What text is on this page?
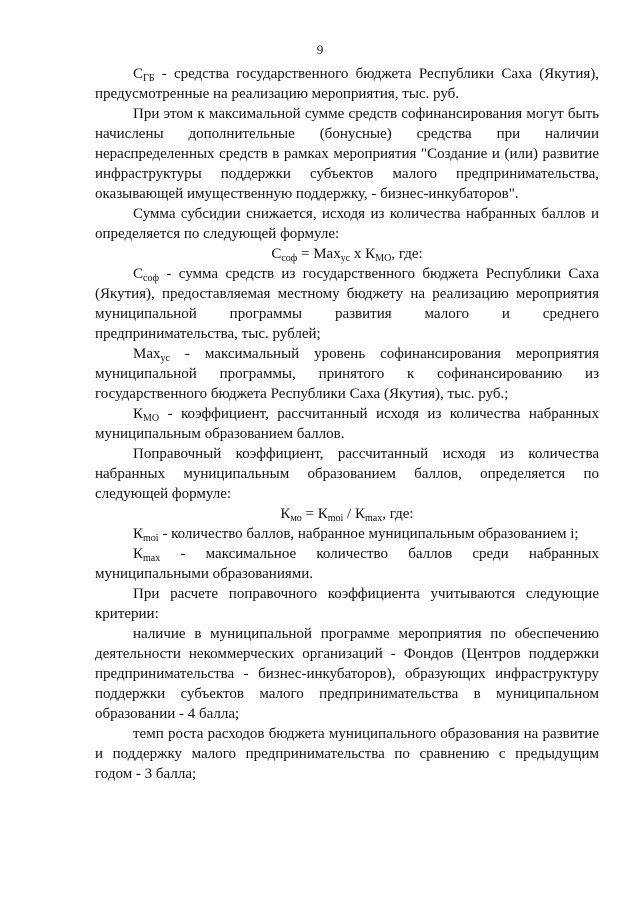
9

$С_{ГБ}$ - средства государственного бюджета Республики Саха (Якутия), предусмотренные на реализацию мероприятия, тыс. руб.

При этом к максимальной сумме средств софинансирования могут быть начислены дополнительные (бонусные) средства при наличии нераспределенных средств в рамках мероприятия "Создание и (или) развитие инфраструктуры поддержки субъектов малого предпринимательства, оказывающей имущественную поддержку, - бизнес-инкубаторов".

Сумма субсидии снижается, исходя из количества набранных баллов и определяется по следующей формуле:

$С_{соф} = Мах_{ус}$ х $К_{МО}$, где:

$С_{соф}$ - сумма средств из государственного бюджета Республики Саха (Якутия), предоставляемая местному бюджету на реализацию мероприятия муниципальной программы развития малого и среднего предпринимательства, тыс. рублей;

Мах$_{ус}$ - максимальный уровень софинансирования мероприятия муниципальной программы, принятого к софинансированию из государственного бюджета Республики Саха (Якутия), тыс. руб.;

$К_{МО}$ - коэффициент, рассчитанный исходя из количества набранных муниципальным образованием баллов.

Поправочный коэффициент, рассчитанный исходя из количества набранных муниципальным образованием баллов, определяется по следующей формуле:

$К_{мо} = К_{moi} / К_{max}$, где:

$К_{moi}$ - количество баллов, набранное муниципальным образованием i;

$К_{max}$ - максимальное количество баллов среди набранных муниципальными образованиями.

При расчете поправочного коэффициента учитываются следующие критерии:

наличие в муниципальной программе мероприятия по обеспечению деятельности некоммерческих организаций - Фондов (Центров поддержки предпринимательства - бизнес-инкубаторов), образующих инфраструктуру поддержки субъектов малого предпринимательства в муниципальном образовании - 4 балла;

темп роста расходов бюджета муниципального образования на развитие и поддержку малого предпринимательства по сравнению с предыдущим годом - 3 балла;
